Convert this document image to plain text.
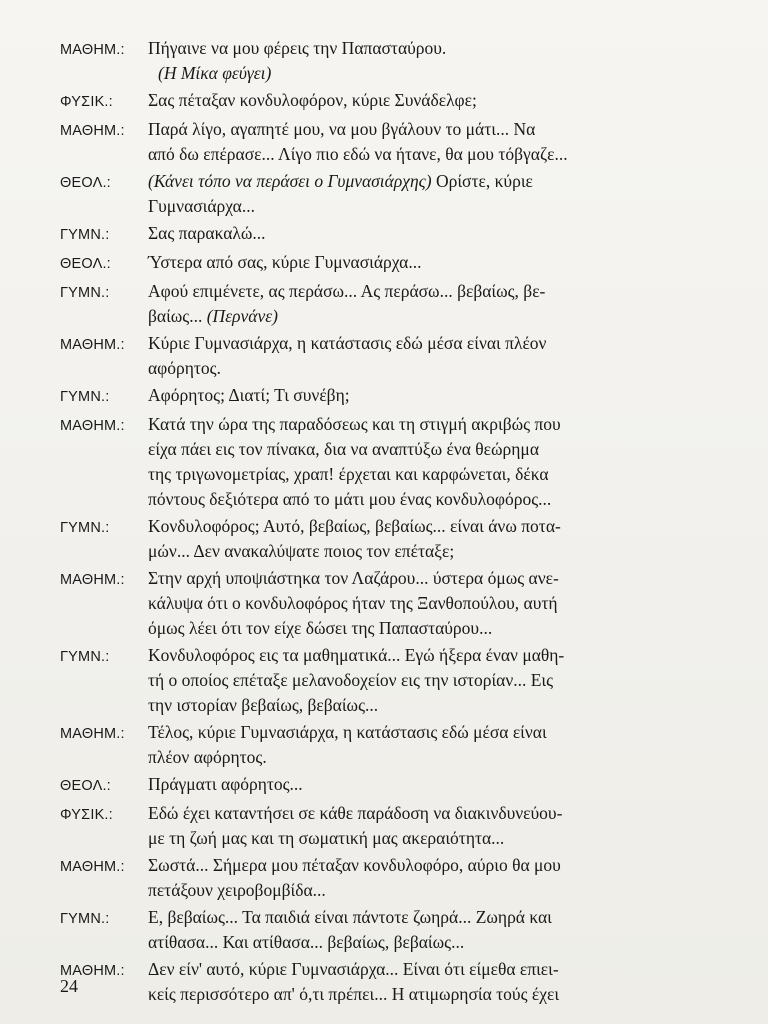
ΜΑΘΗΜ.:	Πήγαινε να μου φέρεις την Παπασταύρου.
(Η Μίκα φεύγει)
ΦΥΣΙΚ.:	Σας πέταξαν κονδυλοφόρον, κύριε Συνάδελφε;
ΜΑΘΗΜ.:	Παρά λίγο, αγαπητέ μου, να μου βγάλουν το μάτι... Να
από δω επέρασε... Λίγο πιο εδώ να ήτανε, θα μου τόβγαζε...
ΘΕΟΛ.:	(Κάνει τόπο να περάσει ο Γυμνασιάρχης) Ορίστε, κύριε
Γυμνασιάρχα...
ΓΥΜΝ.:	Σας παρακαλώ...
ΘΕΟΛ.:	Ύστερα από σας, κύριε Γυμνασιάρχα...
ΓΥΜΝ.:	Αφού επιμένετε, ας περάσω... Ας περάσω... βεβαίως, βε-
βαίως... (Περνάνε)
ΜΑΘΗΜ.:	Κύριε Γυμνασιάρχα, η κατάστασις εδώ μέσα είναι πλέον
αφόρητος.
ΓΥΜΝ.:	Αφόρητος; Διατί; Τι συνέβη;
ΜΑΘΗΜ.:	Κατά την ώρα της παραδόσεως και τη στιγμή ακριβώς που
είχα πάει εις τον πίνακα, δια να αναπτύξω ένα θεώρημα
της τριγωνομετρίας, χραπ! έρχεται και καρφώνεται, δέκα
πόντους δεξιότερα από το μάτι μου ένας κονδυλοφόρος...
ΓΥΜΝ.:	Κονδυλοφόρος; Αυτό, βεβαίως, βεβαίως... είναι άνω ποτα-
μών... Δεν ανακαλύψατε ποιος τον επέταξε;
ΜΑΘΗΜ.:	Στην αρχή υποψιάστηκα τον Λαζάρου... ύστερα όμως ανε-
κάλυψα ότι ο κονδυλοφόρος ήταν της Ξανθοπούλου, αυτή
όμως λέει ότι τον είχε δώσει της Παπασταύρου...
ΓΥΜΝ.:	Κονδυλοφόρος εις τα μαθηματικά... Εγώ ήξερα έναν μαθη-
τή ο οποίος επέταξε μελανοδοχείον εις την ιστορίαν... Εις
την ιστορίαν βεβαίως, βεβαίως...
ΜΑΘΗΜ.:	Τέλος, κύριε Γυμνασιάρχα, η κατάστασις εδώ μέσα είναι
πλέον αφόρητος.
ΘΕΟΛ.:	Πράγματι αφόρητος...
ΦΥΣΙΚ.:	Εδώ έχει καταντήσει σε κάθε παράδοση να διακινδυνεύου-
με τη ζωή μας και τη σωματική μας ακεραιότητα...
ΜΑΘΗΜ.:	Σωστά... Σήμερα μου πέταξαν κονδυλοφόρο, αύριο θα μου
πετάξουν χειροβομβίδα...
ΓΥΜΝ.:	Ε, βεβαίως... Τα παιδιά είναι πάντοτε ζωηρά... Ζωηρά και
ατίθασα... Και ατίθασα... βεβαίως, βεβαίως...
ΜΑΘΗΜ.:	Δεν είν' αυτό, κύριε Γυμνασιάρχα... Είναι ότι είμεθα επιει-
κείς περισσότερο απ' ό,τι πρέπει... Η ατιμωρησία τούς έχει
24
